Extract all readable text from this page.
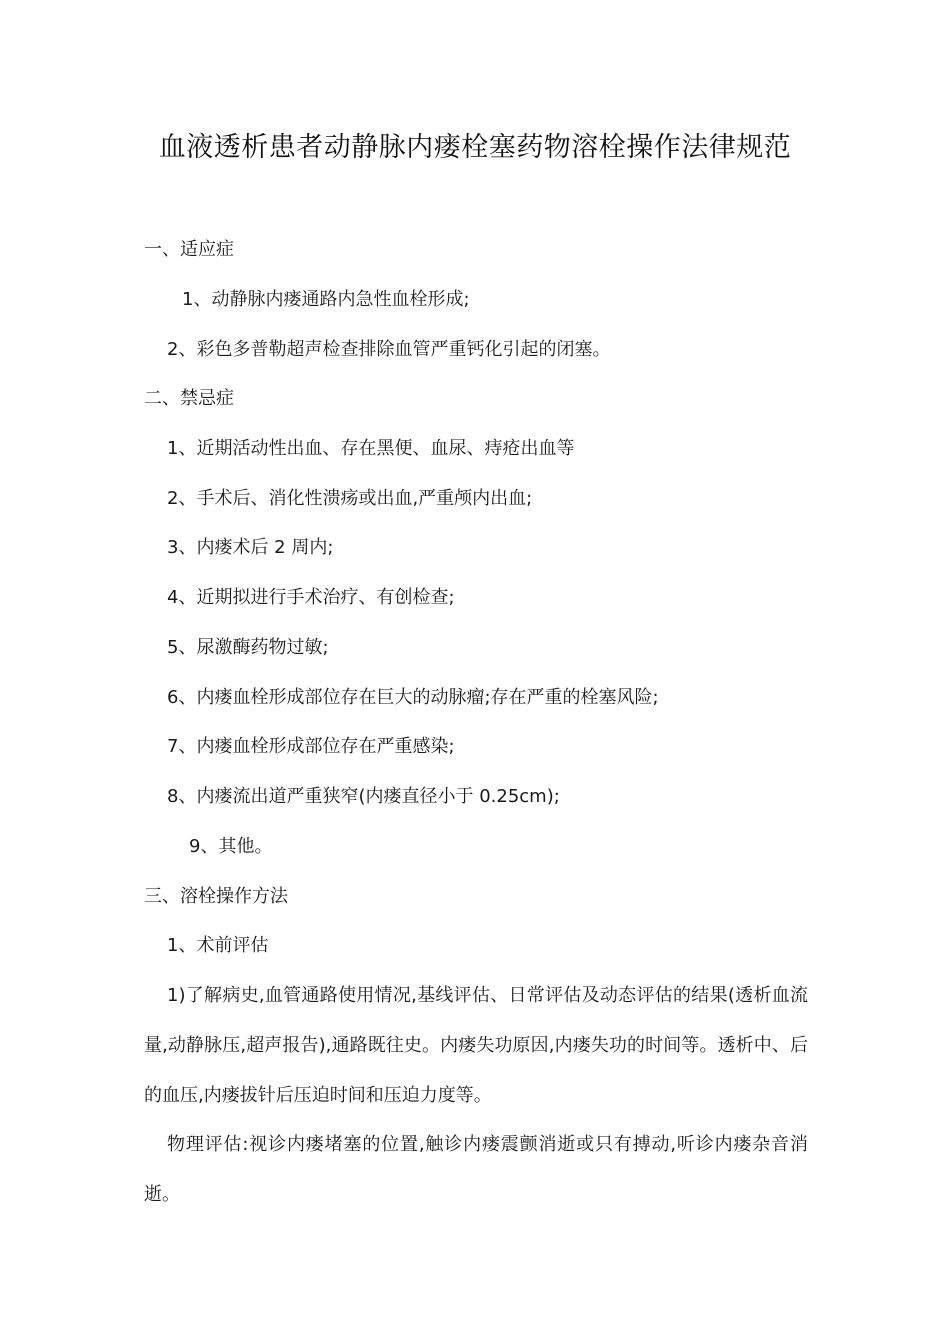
血液透析患者动静脉内瘘栓塞药物溶栓操作法律规范
一、适应症
1、动静脉内瘘通路内急性血栓形成;
2、彩色多普勒超声检查排除血管严重钙化引起的闭塞。
二、禁忌症
1、近期活动性出血、存在黑便、血尿、痔疮出血等
2、手术后、消化性溃疡或出血,严重颅内出血;
3、内瘘术后 2 周内;
4、近期拟进行手术治疗、有创检查;
5、尿激酶药物过敏;
6、内瘘血栓形成部位存在巨大的动脉瘤;存在严重的栓塞风险;
7、内瘘血栓形成部位存在严重感染;
8、内瘘流出道严重狭窄(内瘘直径小于 0.25cm);
9、其他。
三、溶栓操作方法
1、术前评估
1)了解病史,血管通路使用情况,基线评估、日常评估及动态评估的结果(透析血流量,动静脉压,超声报告),通路既往史。内瘘失功原因,内瘘失功的时间等。透析中、后的血压,内瘘拔针后压迫时间和压迫力度等。
物理评估:视诊内瘘堵塞的位置,触诊内瘘震颤消逝或只有搏动,听诊内瘘杂音消逝。
